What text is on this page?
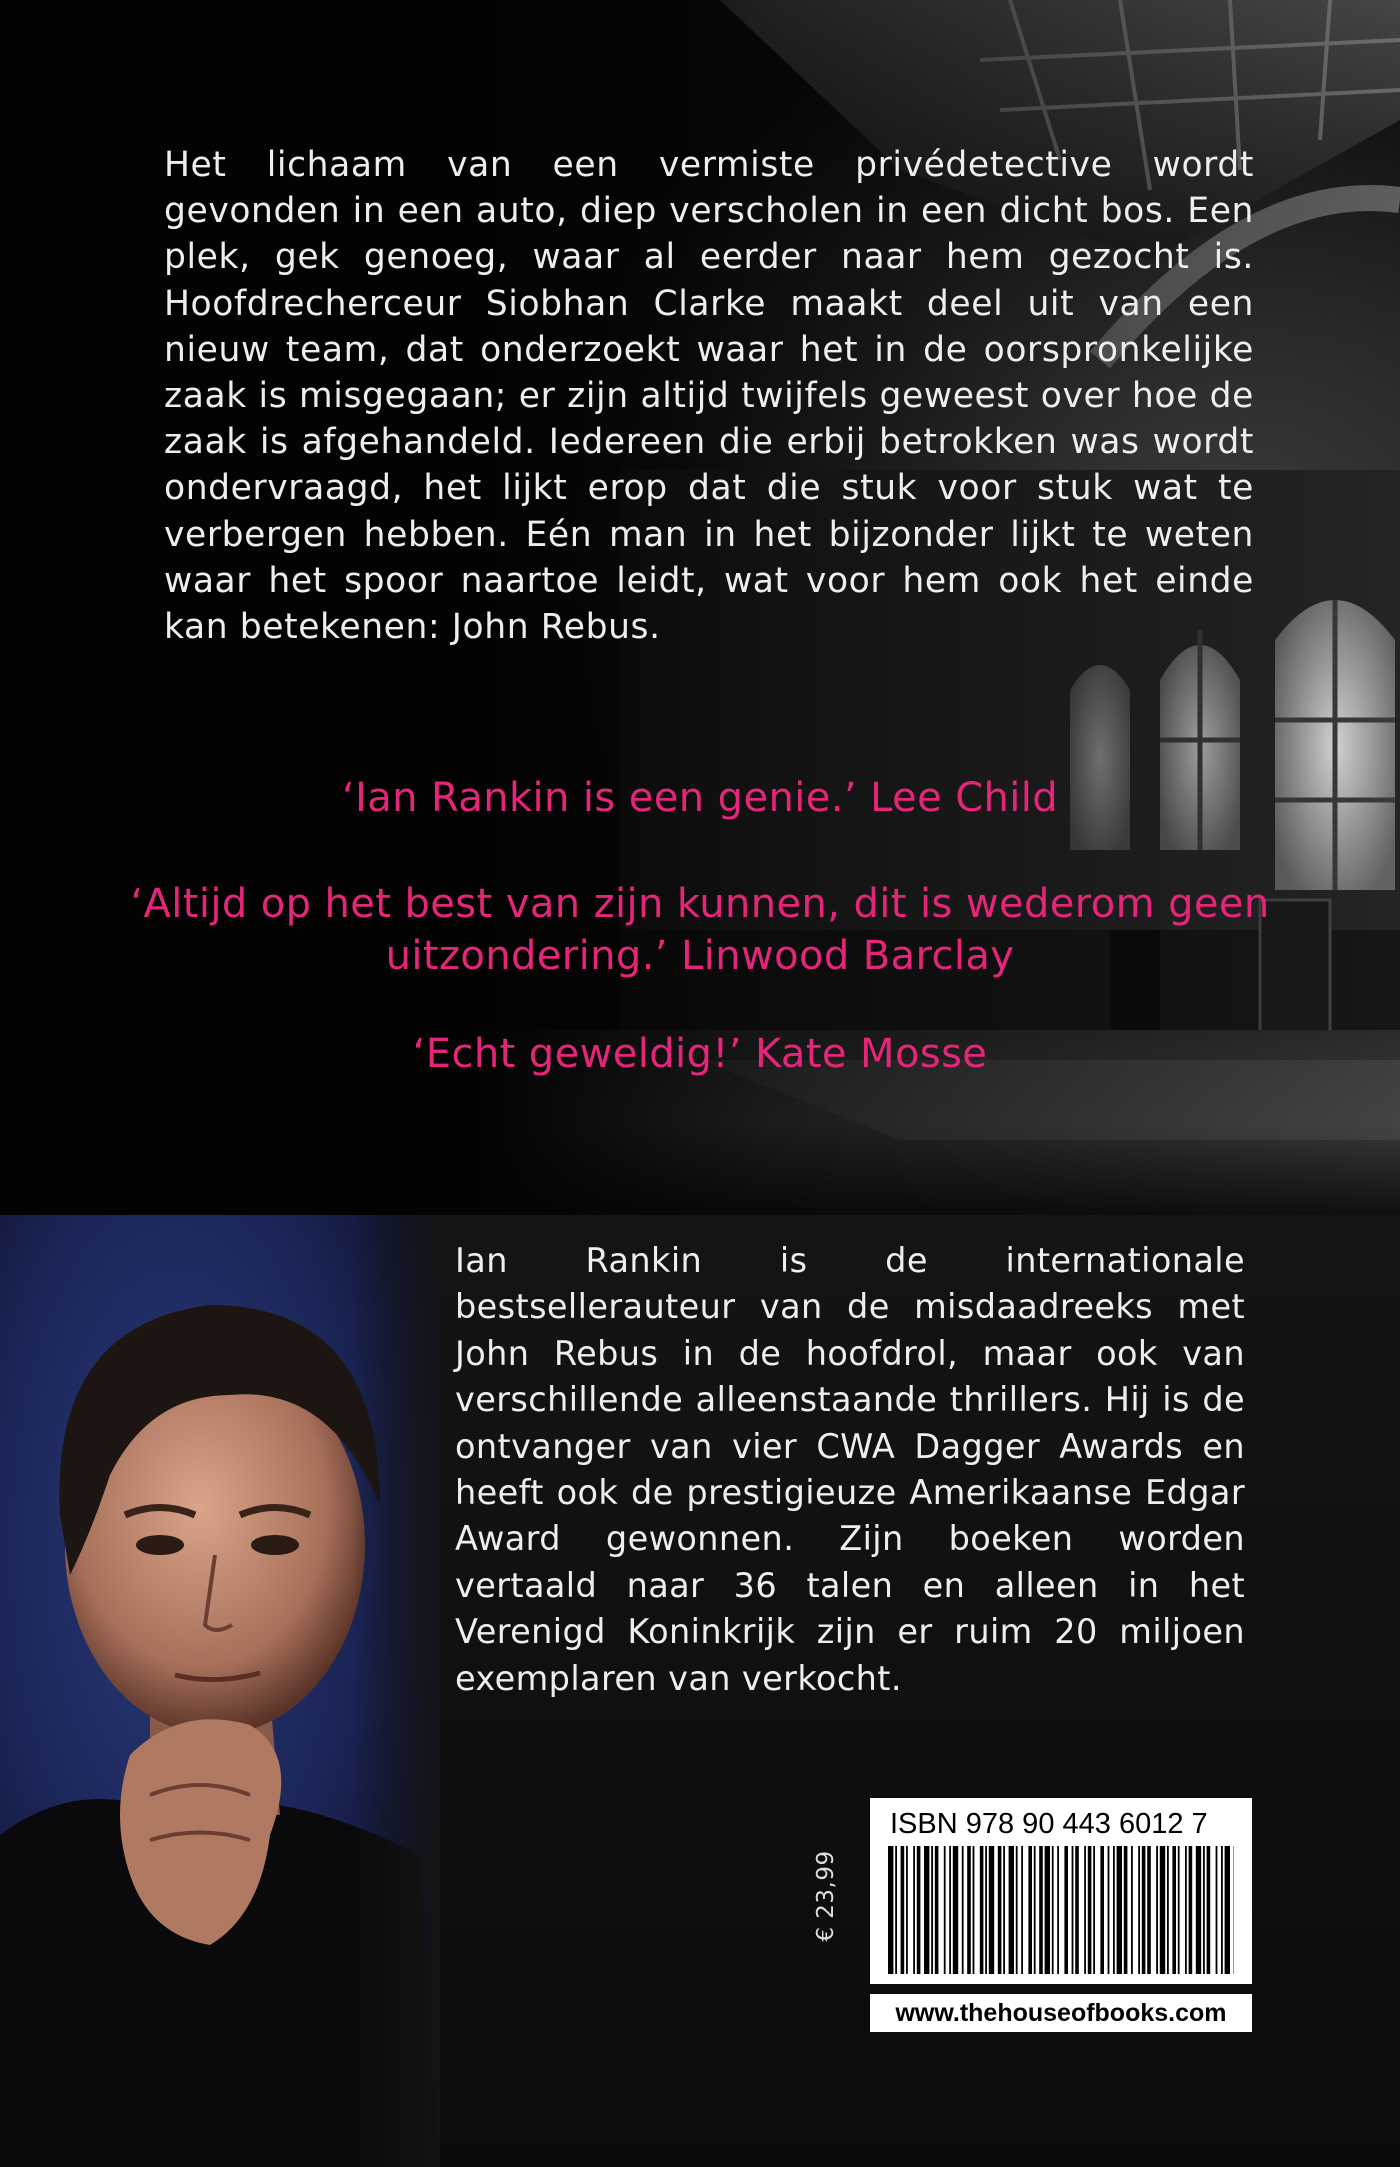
Het lichaam van een vermiste privédetective wordt gevonden in een auto, diep verscholen in een dicht bos. Een plek, gek genoeg, waar al eerder naar hem gezocht is. Hoofdrecherceur Siobhan Clarke maakt deel uit van een nieuw team, dat onderzoekt waar het in de oorspronkelijke zaak is misgegaan; er zijn altijd twijfels geweest over hoe de zaak is afgehandeld. Iedereen die erbij betrokken was wordt ondervraagd, het lijkt erop dat die stuk voor stuk wat te verbergen hebben. Eén man in het bijzonder lijkt te weten waar het spoor naartoe leidt, wat voor hem ook het einde kan betekenen: John Rebus.

‘Ian Rankin is een genie.’ Lee Child

‘Altijd op het best van zijn kunnen, dit is wederom geen uitzondering.’ Linwood Barclay

‘Echt geweldig!’ Kate Mosse

Ian Rankin is de internationale bestsellerauteur van de misdaadreeks met John Rebus in de hoofdrol, maar ook van verschillende alleenstaande thrillers. Hij is de ontvanger van vier CWA Dagger Awards en heeft ook de prestigieuze Amerikaanse Edgar Award gewonnen. Zijn boeken worden vertaald naar 36 talen en alleen in het Verenigd Koninkrijk zijn er ruim 20 miljoen exemplaren van verkocht.

€ 23,99

ISBN 978 90 443 6012 7

www.thehouseofbooks.com
